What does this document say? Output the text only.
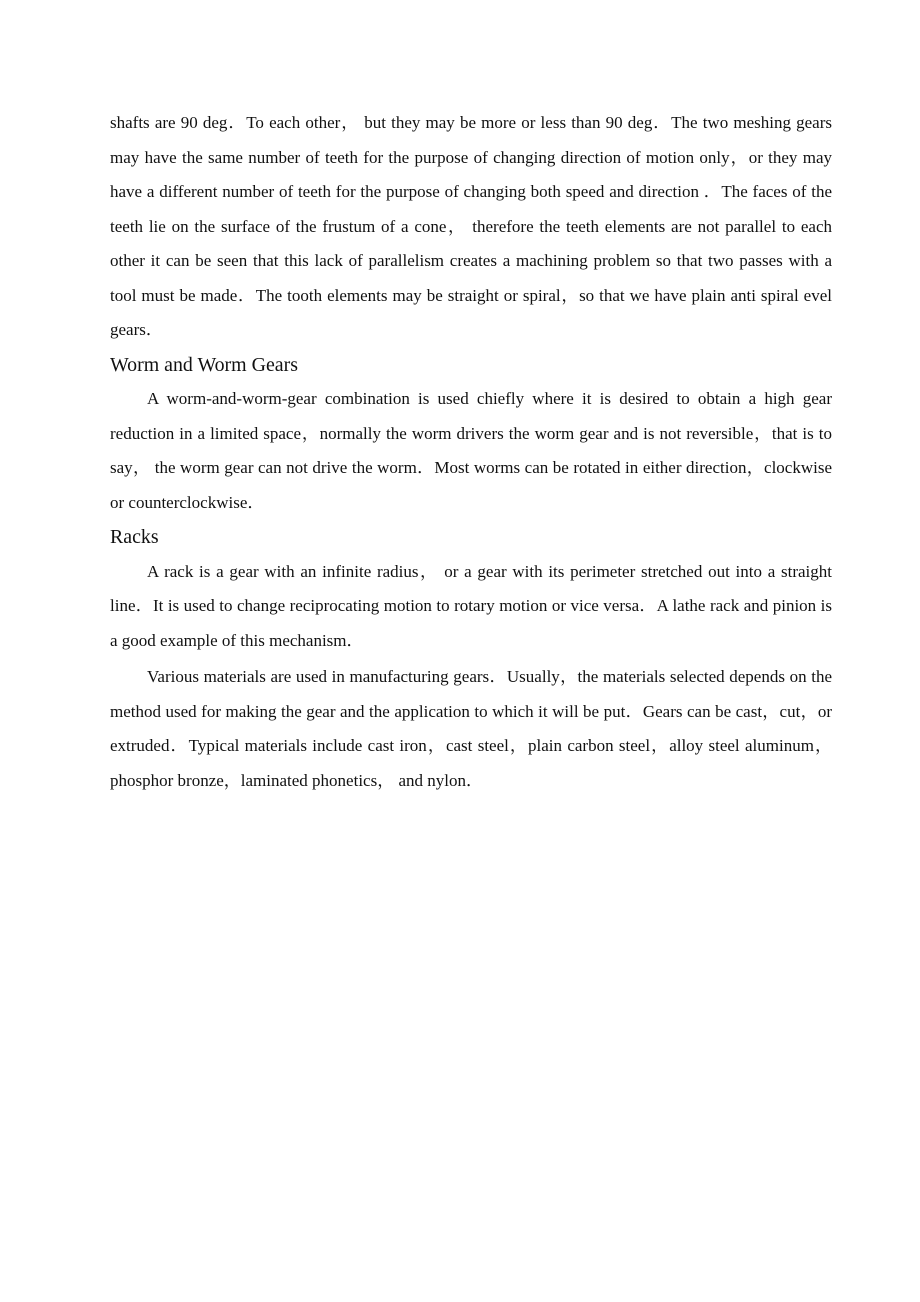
shafts are 90 deg．To each other， but they may be more or less than 90 deg．The two meshing gears may have the same number of teeth for the purpose of changing direction of motion only，or they may have a different number of teeth for the purpose of changing both speed and direction ．The faces of the teeth lie on the surface of the frustum of a cone， therefore the teeth elements are not parallel to each other it can be seen that this lack of parallelism creates a machining problem so that two passes with a tool must be made．The tooth elements may be straight or spiral，so that we have plain anti spiral evel gears．

Worm and Worm Gears

A worm-and-worm-gear combination is used chiefly where it is desired to obtain a high gear reduction in a limited space，normally the worm drivers the worm gear and is not reversible，that is to say， the worm gear can not drive the worm．Most worms can be rotated in either direction，clockwise or counterclockwise．

Racks

A rack is a gear with an infinite radius， or a gear with its perimeter stretched out into a straight line．It is used to change reciprocating motion to rotary motion or vice versa．A lathe rack and pinion is a good example of this mechanism．

Various materials are used in manufacturing gears．Usually，the materials selected depends on the method used for making the gear and the application to which it will be put．Gears can be cast，cut，or extruded．Typical materials include cast iron，cast steel，plain carbon steel，alloy steel aluminum，phosphor bronze，laminated phonetics， and nylon．
